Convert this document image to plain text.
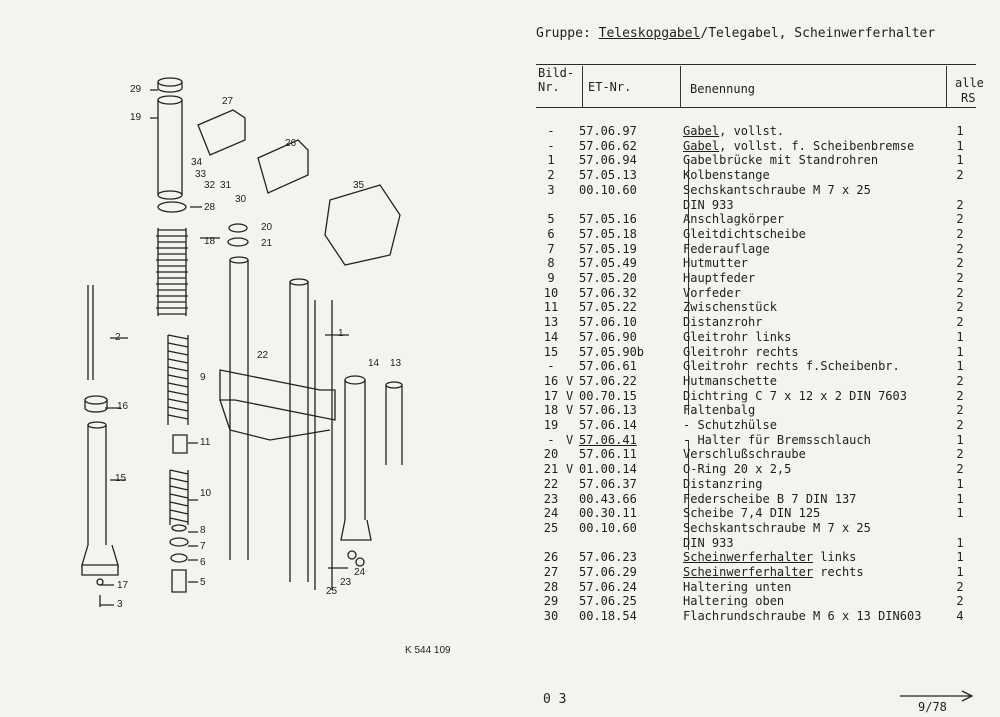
29
19
27
26
34
33
32 31
30
35
28
18
20
21
2	1
22
9
14 13
16
11
15
10
8
7
6
5
17
3
24
23
25
K 544 109
Gruppe: Teleskopgabel/Telegabel, Scheinwerferhalter
Bild-
Nr. ET-Nr.	Benennung	alle
RS
-	57.06.97	Gabel, vollst.	1
-	57.06.62	Gabel, vollst. f. Scheibenbremse	1
1	57.06.94	Gabelbrücke mit Standrohren	1
2	57.05.13	Kolbenstange	2
3	00.10.60	Sechskantschraube M 7 x 25
DIN 933	2
5	57.05.16	Anschlagkörper	2
6	57.05.18	Gleitdichtscheibe	2
7	57.05.19	Federauflage	2
8	57.05.49	Hutmutter	2
9	57.05.20	Hauptfeder	2
10	57.06.32	Vorfeder	2
11	57.05.22	Zwischenstück	2
13	57.06.10	Distanzrohr	2
14	57.06.90	Gleitrohr links	1
15	57.05.90b	Gleitrohr rechts	1
-	57.06.61	Gleitrohr rechts f.Scheibenbr.	1
16 V 57.06.22	Hutmanschette	2
17 V 00.70.15	Dichtring C 7 x 12 x 2 DIN 7603	2
18 V 57.06.13	Faltenbalg	2
19	57.06.14	- Schutzhülse	2
- V 57.06.41	- Halter für Bremsschlauch	1
20	57.06.11	Verschlußschraube	2
21 V 01.00.14	O-Ring 20 x 2,5	2
22	57.06.37	Distanzring	1
23	00.43.66	Federscheibe B 7 DIN 137	1
24	00.30.11	Scheibe 7,4 DIN 125	1
25	00.10.60	Sechskantschraube M 7 x 25
DIN 933	1
26	57.06.23	Scheinwerferhalter links	1
27	57.06.29	Scheinwerferhalter rechts	1
28	57.06.24	Haltering unten	2
29	57.06.25	Haltering oben	2
30	00.18.54	Flachrundschraube M 6 x 13 DIN603	4
0 3	9/78
